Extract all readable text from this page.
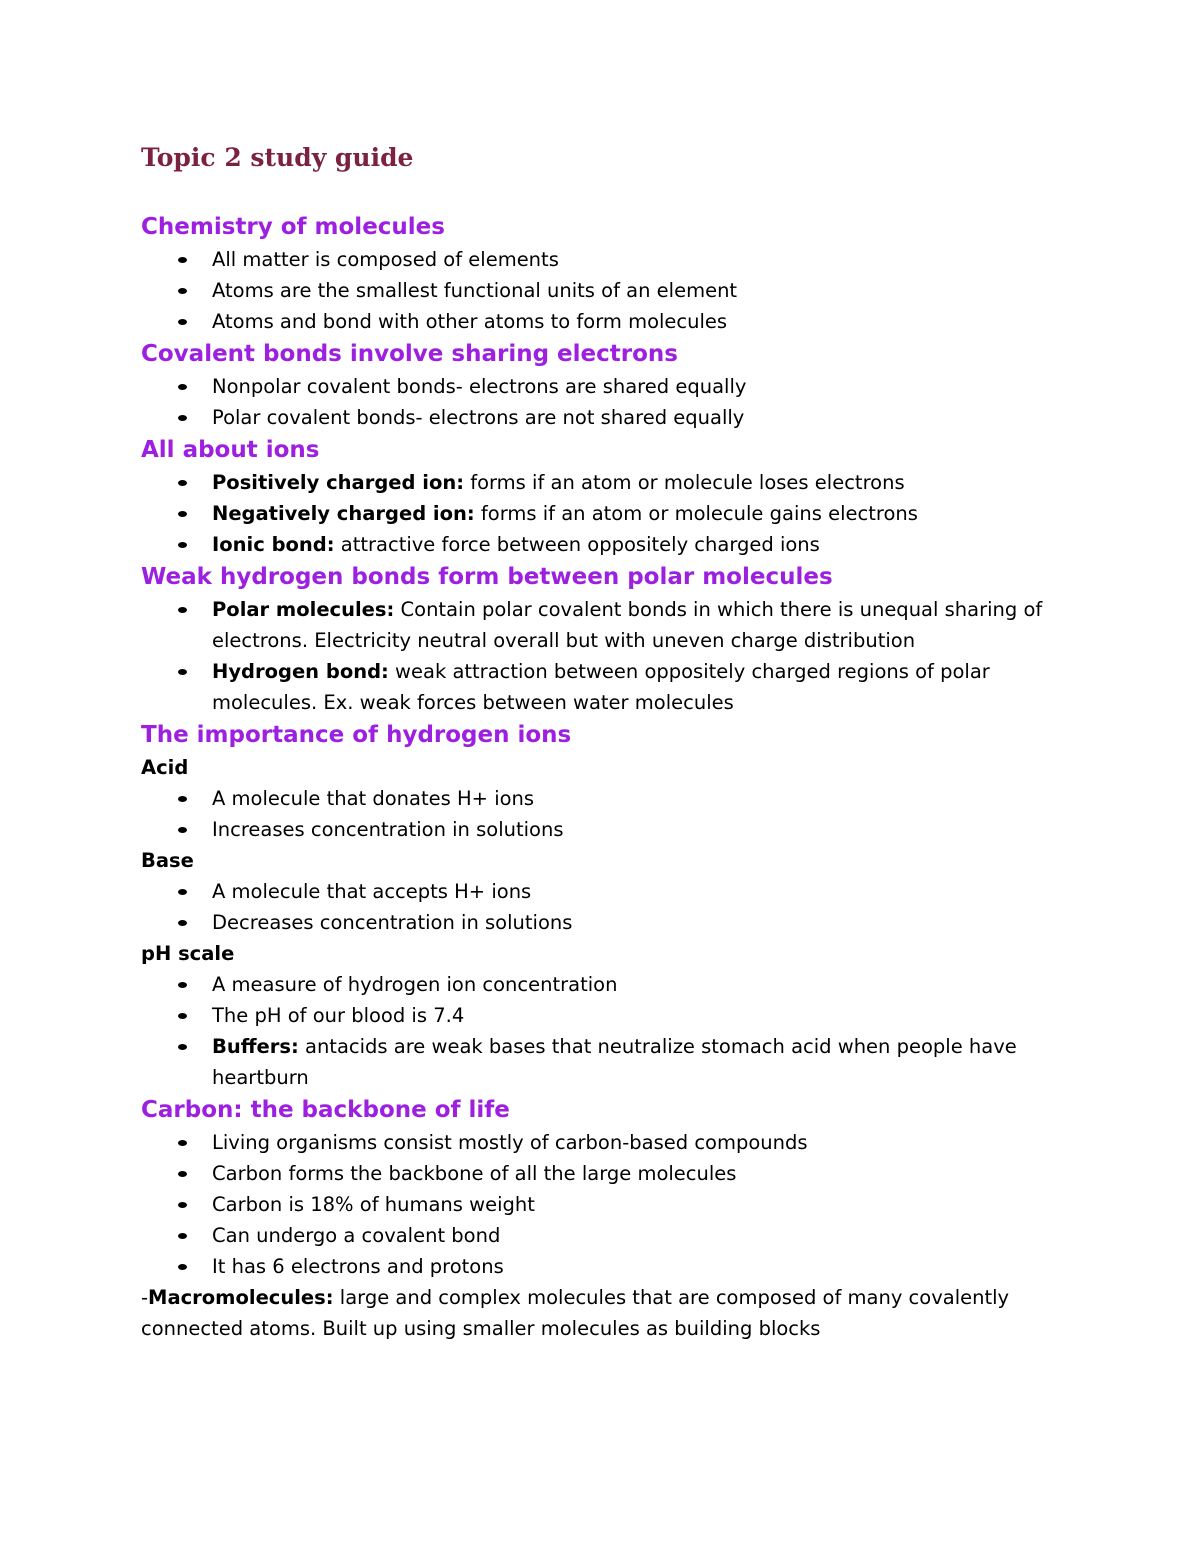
Topic 2 study guide
Chemistry of molecules
All matter is composed of elements
Atoms are the smallest functional units of an element
Atoms and bond with other atoms to form molecules
Covalent bonds involve sharing electrons
Nonpolar covalent bonds- electrons are shared equally
Polar covalent bonds- electrons are not shared equally
All about ions
Positively charged ion: forms if an atom or molecule loses electrons
Negatively charged ion: forms if an atom or molecule gains electrons
Ionic bond: attractive force between oppositely charged ions
Weak hydrogen bonds form between polar molecules
Polar molecules: Contain polar covalent bonds in which there is unequal sharing of electrons. Electricity neutral overall but with uneven charge distribution
Hydrogen bond: weak attraction between oppositely charged regions of polar molecules. Ex. weak forces between water molecules
The importance of hydrogen ions

Acid

A molecule that donates H+ ions
Increases concentration in solutions

Base

A molecule that accepts H+ ions
Decreases concentration in solutions

pH scale

A measure of hydrogen ion concentration
The pH of our blood is 7.4
Buffers: antacids are weak bases that neutralize stomach acid when people have heartburn
Carbon: the backbone of life
Living organisms consist mostly of carbon-based compounds
Carbon forms the backbone of all the large molecules
Carbon is 18% of humans weight
Can undergo a covalent bond
It has 6 electrons and protons

-Macromolecules: large and complex molecules that are composed of many covalently connected atoms. Built up using smaller molecules as building blocks
